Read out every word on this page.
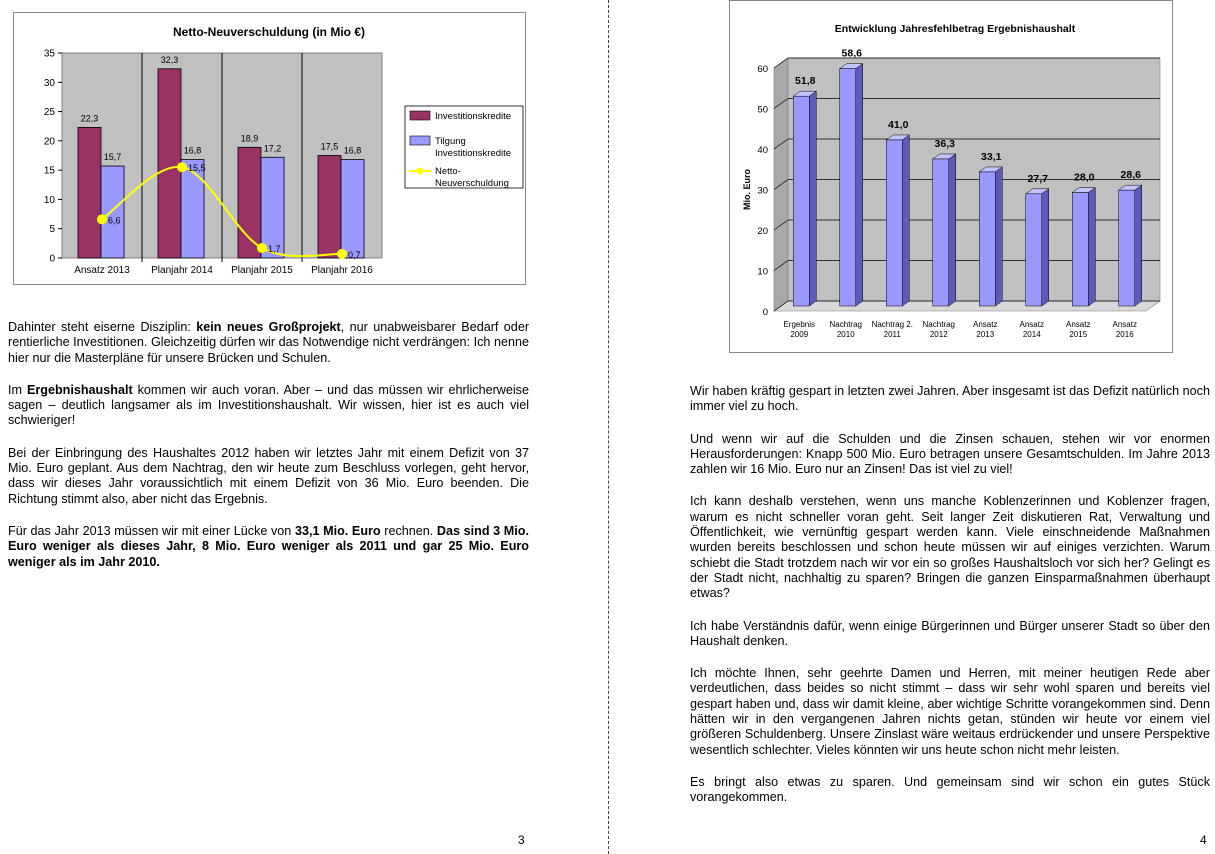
Netto-Neuverschuldung (in Mio €)
0
5
10
15
20
25
30
35
Ansatz 2013 Planjahr 2014 Planjahr 2015 Planjahr 2016
22,3
32,3
18,9
17,5
15,7
16,8	17,2	16,8
6,6
15,5
1,7
0,7
Investitionskredite
Tilgung
Investitionskredite
Netto-
Neuverschuldung

Dahinter steht eiserne Disziplin: kein neues Großprojekt, nur unabweisbarer Bedarf oder rentierliche Investitionen. Gleichzeitig dürfen wir das Notwendige nicht verdrängen: Ich nenne hier nur die Masterpläne für unsere Brücken und Schulen.

Im Ergebnishaushalt kommen wir auch voran. Aber – und das müssen wir ehrlicherweise sagen – deutlich langsamer als im Investitionshaushalt. Wir wissen, hier ist es auch viel schwieriger!

Bei der Einbringung des Haushaltes 2012 haben wir letztes Jahr mit einem Defizit von 37 Mio. Euro geplant. Aus dem Nachtrag, den wir heute zum Beschluss vorlegen, geht hervor, dass wir dieses Jahr voraussichtlich mit einem Defizit von 36 Mio. Euro beenden. Die Richtung stimmt also, aber nicht das Ergebnis.

Für das Jahr 2013 müssen wir mit einer Lücke von 33,1 Mio. Euro rechnen. Das sind 3 Mio. Euro weniger als dieses Jahr, 8 Mio. Euro weniger als 2011 und gar 25 Mio. Euro weniger als im Jahr 2010.

3
Entwicklung Jahresfehlbetrag Ergebnishaushalt
0
10
20
30
40
50
60
Mio. Euro
51,8
Ergebnis
2009
58,6
Nachtrag
2010
41,0
Nachtrag 2.
2011
36,3
Nachtrag
2012
33,1
Ansatz
2013
27,7
Ansatz
2014
28,0
Ansatz
2015
28,6
Ansatz
2016

Wir haben kräftig gespart in letzten zwei Jahren. Aber insgesamt ist das Defizit natürlich noch immer viel zu hoch.

Und wenn wir auf die Schulden und die Zinsen schauen, stehen wir vor enormen Herausforderungen: Knapp 500 Mio. Euro betragen unsere Gesamtschulden. Im Jahre 2013 zahlen wir 16 Mio. Euro nur an Zinsen! Das ist viel zu viel!

Ich kann deshalb verstehen, wenn uns manche Koblenzerinnen und Koblenzer fragen, warum es nicht schneller voran geht. Seit langer Zeit diskutieren Rat, Verwaltung und Öffentlichkeit, wie vernünftig gespart werden kann. Viele einschneidende Maßnahmen wurden bereits beschlossen und schon heute müssen wir auf einiges verzichten. Warum schiebt die Stadt trotzdem nach wir vor ein so großes Haushaltsloch vor sich her? Gelingt es der Stadt nicht, nachhaltig zu sparen? Bringen die ganzen Einsparmaßnahmen überhaupt etwas?

Ich habe Verständnis dafür, wenn einige Bürgerinnen und Bürger unserer Stadt so über den Haushalt denken.

Ich möchte Ihnen, sehr geehrte Damen und Herren, mit meiner heutigen Rede aber verdeutlichen, dass beides so nicht stimmt – dass wir sehr wohl sparen und bereits viel gespart haben und, dass wir damit kleine, aber wichtige Schritte vorangekommen sind. Denn hätten wir in den vergangenen Jahren nichts getan, stünden wir heute vor einem viel größeren Schuldenberg. Unsere Zinslast wäre weitaus erdrückender und unsere Perspektive wesentlich schlechter. Vieles könnten wir uns heute schon nicht mehr leisten.

Es bringt also etwas zu sparen. Und gemeinsam sind wir schon ein gutes Stück vorangekommen.

4
